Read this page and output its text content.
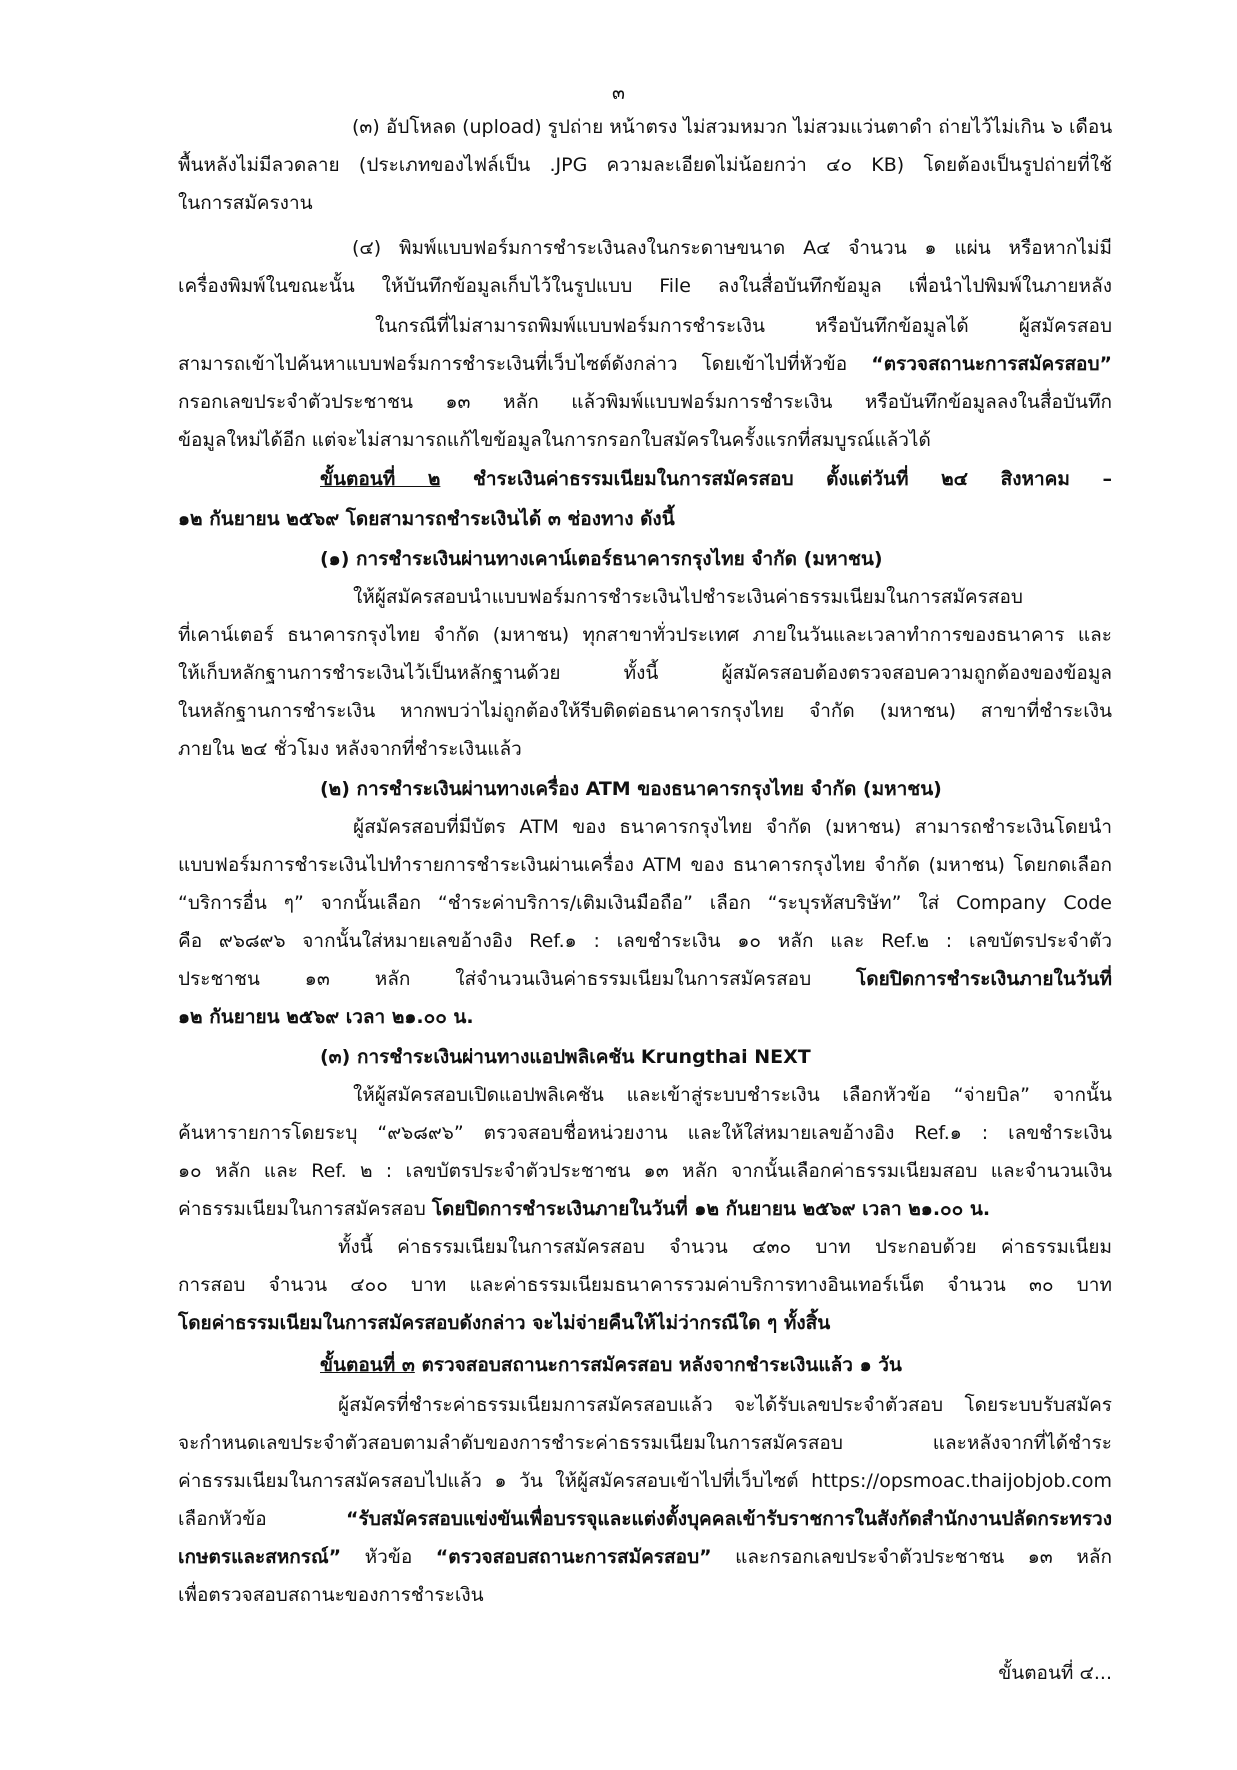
๓
(๓) อัปโหลด (upload) รูปถ่าย หน้าตรง ไม่สวมหมวก ไม่สวมแว่นตาดำ ถ่ายไว้ไม่เกิน ๖ เดือน
พื้นหลังไม่มีลวดลาย (ประเภทของไฟล์เป็น .JPG ความละเอียดไม่น้อยกว่า ๔๐ KB) โดยต้องเป็นรูปถ่ายที่ใช้
ในการสมัครงาน
(๔) พิมพ์แบบฟอร์มการชำระเงินลงในกระดาษขนาด A๔ จำนวน ๑ แผ่น หรือหากไม่มี
เครื่องพิมพ์ในขณะนั้น ให้บันทึกข้อมูลเก็บไว้ในรูปแบบ File ลงในสื่อบันทึกข้อมูล เพื่อนำไปพิมพ์ในภายหลัง
ในกรณีที่ไม่สามารถพิมพ์แบบฟอร์มการชำระเงิน หรือบันทึกข้อมูลได้ ผู้สมัครสอบ
สามารถเข้าไปค้นหาแบบฟอร์มการชำระเงินที่เว็บไซต์ดังกล่าว โดยเข้าไปที่หัวข้อ “ตรวจสถานะการสมัครสอบ”
กรอกเลขประจำตัวประชาชน ๑๓ หลัก แล้วพิมพ์แบบฟอร์มการชำระเงิน หรือบันทึกข้อมูลลงในสื่อบันทึก
ข้อมูลใหม่ได้อีก แต่จะไม่สามารถแก้ไขข้อมูลในการกรอกใบสมัครในครั้งแรกที่สมบูรณ์แล้วได้
ขั้นตอนที่ ๒ ชำระเงินค่าธรรมเนียมในการสมัครสอบ ตั้งแต่วันที่ ๒๔ สิงหาคม –
๑๒ กันยายน ๒๕๖๙ โดยสามารถชำระเงินได้ ๓ ช่องทาง ดังนี้
(๑) การชำระเงินผ่านทางเคาน์เตอร์ธนาคารกรุงไทย จำกัด (มหาชน)
ให้ผู้สมัครสอบนำแบบฟอร์มการชำระเงินไปชำระเงินค่าธรรมเนียมในการสมัครสอบ
ที่เคาน์เตอร์ ธนาคารกรุงไทย จำกัด (มหาชน) ทุกสาขาทั่วประเทศ ภายในวันและเวลาทำการของธนาคาร และ
ให้เก็บหลักฐานการชำระเงินไว้เป็นหลักฐานด้วย ทั้งนี้ ผู้สมัครสอบต้องตรวจสอบความถูกต้องของข้อมูล
ในหลักฐานการชำระเงิน หากพบว่าไม่ถูกต้องให้รีบติดต่อธนาคารกรุงไทย จำกัด (มหาชน) สาขาที่ชำระเงิน
ภายใน ๒๔ ชั่วโมง หลังจากที่ชำระเงินแล้ว
(๒) การชำระเงินผ่านทางเครื่อง ATM ของธนาคารกรุงไทย จำกัด (มหาชน)
ผู้สมัครสอบที่มีบัตร ATM ของ ธนาคารกรุงไทย จำกัด (มหาชน) สามารถชำระเงินโดยนำ
แบบฟอร์มการชำระเงินไปทำรายการชำระเงินผ่านเครื่อง ATM ของ ธนาคารกรุงไทย จำกัด (มหาชน) โดยกดเลือก
“บริการอื่น ๆ” จากนั้นเลือก “ชำระค่าบริการ/เติมเงินมือถือ” เลือก “ระบุรหัสบริษัท” ใส่ Company Code
คือ ๙๖๘๙๖ จากนั้นใส่หมายเลขอ้างอิง Ref.๑ : เลขชำระเงิน ๑๐ หลัก และ Ref.๒ : เลขบัตรประจำตัว
ประชาชน ๑๓ หลัก ใส่จำนวนเงินค่าธรรมเนียมในการสมัครสอบ โดยปิดการชำระเงินภายในวันที่
๑๒ กันยายน ๒๕๖๙ เวลา ๒๑.๐๐ น.
(๓) การชำระเงินผ่านทางแอปพลิเคชัน Krungthai NEXT
ให้ผู้สมัครสอบเปิดแอปพลิเคชัน และเข้าสู่ระบบชำระเงิน เลือกหัวข้อ “จ่ายบิล” จากนั้น
ค้นหารายการโดยระบุ “๙๖๘๙๖” ตรวจสอบชื่อหน่วยงาน และให้ใส่หมายเลขอ้างอิง Ref.๑ : เลขชำระเงิน
๑๐ หลัก และ Ref. ๒ : เลขบัตรประจำตัวประชาชน ๑๓ หลัก จากนั้นเลือกค่าธรรมเนียมสอบ และจำนวนเงิน
ค่าธรรมเนียมในการสมัครสอบ โดยปิดการชำระเงินภายในวันที่ ๑๒ กันยายน ๒๕๖๙ เวลา ๒๑.๐๐ น.
ทั้งนี้ ค่าธรรมเนียมในการสมัครสอบ จำนวน ๔๓๐ บาท ประกอบด้วย ค่าธรรมเนียม
การสอบ จำนวน ๔๐๐ บาท และค่าธรรมเนียมธนาคารรวมค่าบริการทางอินเทอร์เน็ต จำนวน ๓๐ บาท
โดยค่าธรรมเนียมในการสมัครสอบดังกล่าว จะไม่จ่ายคืนให้ไม่ว่ากรณีใด ๆ ทั้งสิ้น
ขั้นตอนที่ ๓ ตรวจสอบสถานะการสมัครสอบ หลังจากชำระเงินแล้ว ๑ วัน
ผู้สมัครที่ชำระค่าธรรมเนียมการสมัครสอบแล้ว จะได้รับเลขประจำตัวสอบ โดยระบบรับสมัคร
จะกำหนดเลขประจำตัวสอบตามลำดับของการชำระค่าธรรมเนียมในการสมัครสอบ และหลังจากที่ได้ชำระ
ค่าธรรมเนียมในการสมัครสอบไปแล้ว ๑ วัน ให้ผู้สมัครสอบเข้าไปที่เว็บไซต์ https://opsmoac.thaijobjob.com
เลือกหัวข้อ “รับสมัครสอบแข่งขันเพื่อบรรจุและแต่งตั้งบุคคลเข้ารับราชการในสังกัดสำนักงานปลัดกระทรวง
เกษตรและสหกรณ์” หัวข้อ “ตรวจสอบสถานะการสมัครสอบ” และกรอกเลขประจำตัวประชาชน ๑๓ หลัก
เพื่อตรวจสอบสถานะของการชำระเงิน
ขั้นตอนที่ ๔...
